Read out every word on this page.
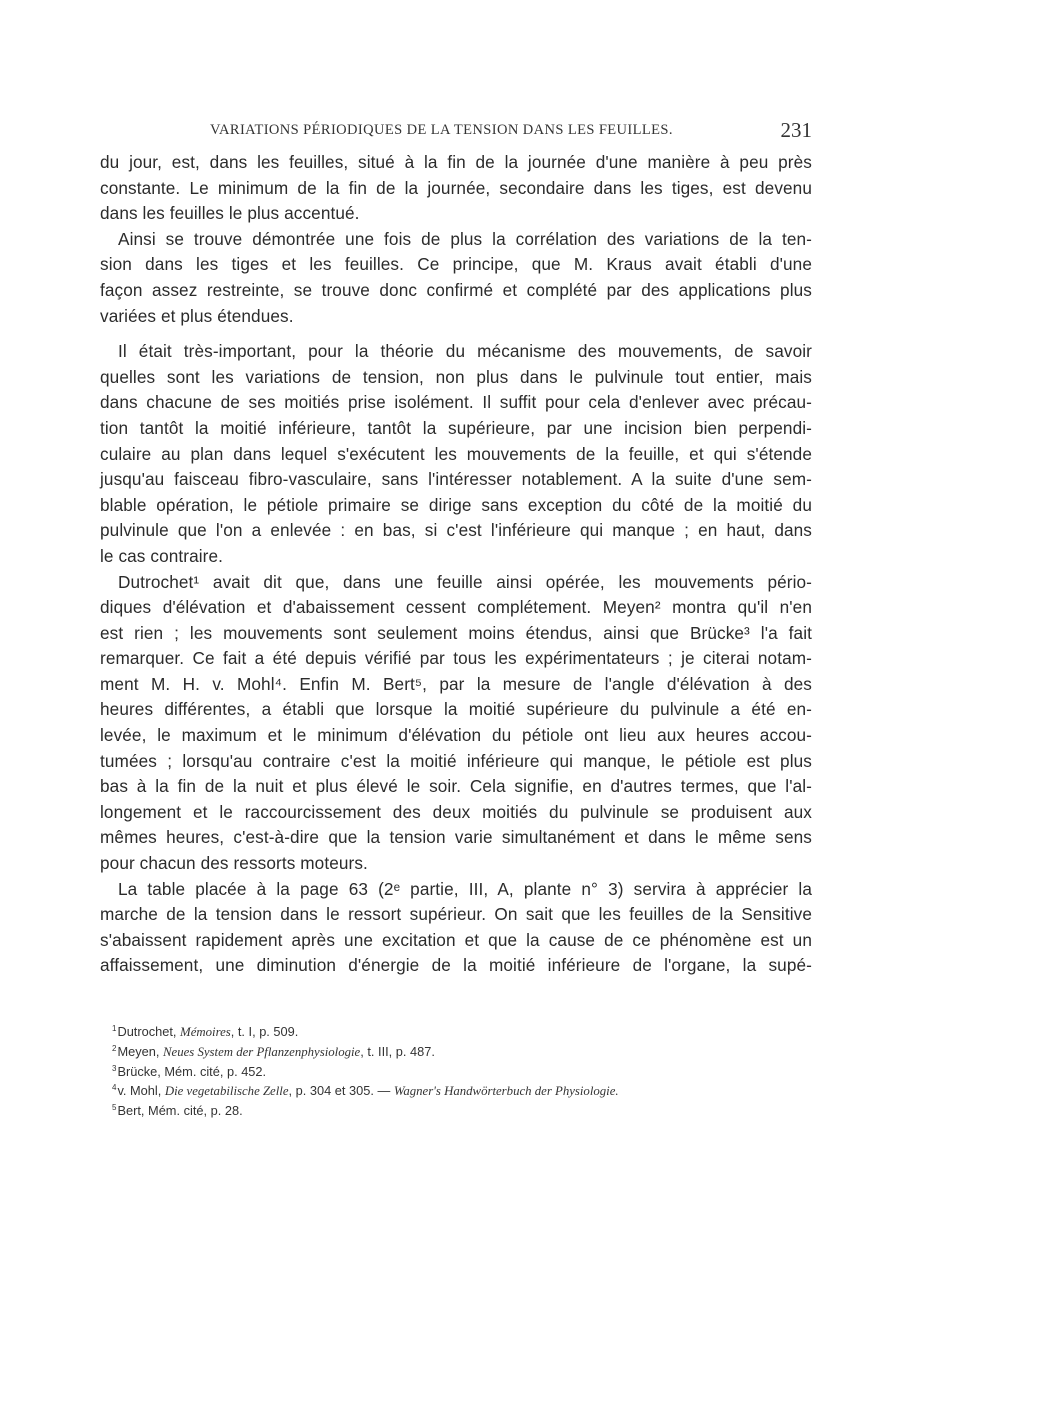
VARIATIONS PÉRIODIQUES DE LA TENSION DANS LES FEUILLES.	231
du jour, est, dans les feuilles, situé à la fin de la journée d'une manière à peu près
constante. Le minimum de la fin de la journée, secondaire dans les tiges, est devenu
dans les feuilles le plus accentué.
Ainsi se trouve démontrée une fois de plus la corrélation des variations de la ten-
sion dans les tiges et les feuilles. Ce principe, que M. Kraus avait établi d'une
façon assez restreinte, se trouve donc confirmé et complété par des applications plus
variées et plus étendues.
Il était très-important, pour la théorie du mécanisme des mouvements, de savoir
quelles sont les variations de tension, non plus dans le pulvinule tout entier, mais
dans chacune de ses moitiés prise isolément. Il suffit pour cela d'enlever avec précau-
tion tantôt la moitié inférieure, tantôt la supérieure, par une incision bien perpendi-
culaire au plan dans lequel s'exécutent les mouvements de la feuille, et qui s'étende
jusqu'au faisceau fibro-vasculaire, sans l'intéresser notablement. A la suite d'une sem-
blable opération, le pétiole primaire se dirige sans exception du côté de la moitié du
pulvinule que l'on a enlevée : en bas, si c'est l'inférieure qui manque ; en haut, dans
le cas contraire.
Dutrochet¹ avait dit que, dans une feuille ainsi opérée, les mouvements pério-
diques d'élévation et d'abaissement cessent complétement. Meyen² montra qu'il n'en
est rien ; les mouvements sont seulement moins étendus, ainsi que Brücke³ l'a fait
remarquer. Ce fait a été depuis vérifié par tous les expérimentateurs ; je citerai notam-
ment M. H. v. Mohl⁴. Enfin M. Bert⁵, par la mesure de l'angle d'élévation à des
heures différentes, a établi que lorsque la moitié supérieure du pulvinule a été en-
levée, le maximum et le minimum d'élévation du pétiole ont lieu aux heures accou-
tumées ; lorsqu'au contraire c'est la moitié inférieure qui manque, le pétiole est plus
bas à la fin de la nuit et plus élevé le soir. Cela signifie, en d'autres termes, que l'al-
longement et le raccourcissement des deux moitiés du pulvinule se produisent aux
mêmes heures, c'est-à-dire que la tension varie simultanément et dans le même sens
pour chacun des ressorts moteurs.
La table placée à la page 63 (2ᵉ partie, III, A, plante n° 3) servira à apprécier la
marche de la tension dans le ressort supérieur. On sait que les feuilles de la Sensitive
s'abaissent rapidement après une excitation et que la cause de ce phénomène est un
affaissement, une diminution d'énergie de la moitié inférieure de l'organe, la supé-
$^1$Dutrochet, Mémoires, t. I, p. 509.
$^2$Meyen, Neues System der Pflanzenphysiologie, t. III, p. 487.
$^3$Brücke, Mém. cité, p. 452.
$^4$v. Mohl, Die vegetabilische Zelle, p. 304 et 305. — Wagner's Handwörterbuch der Physiologie.
$^5$Bert, Mém. cité, p. 28.
